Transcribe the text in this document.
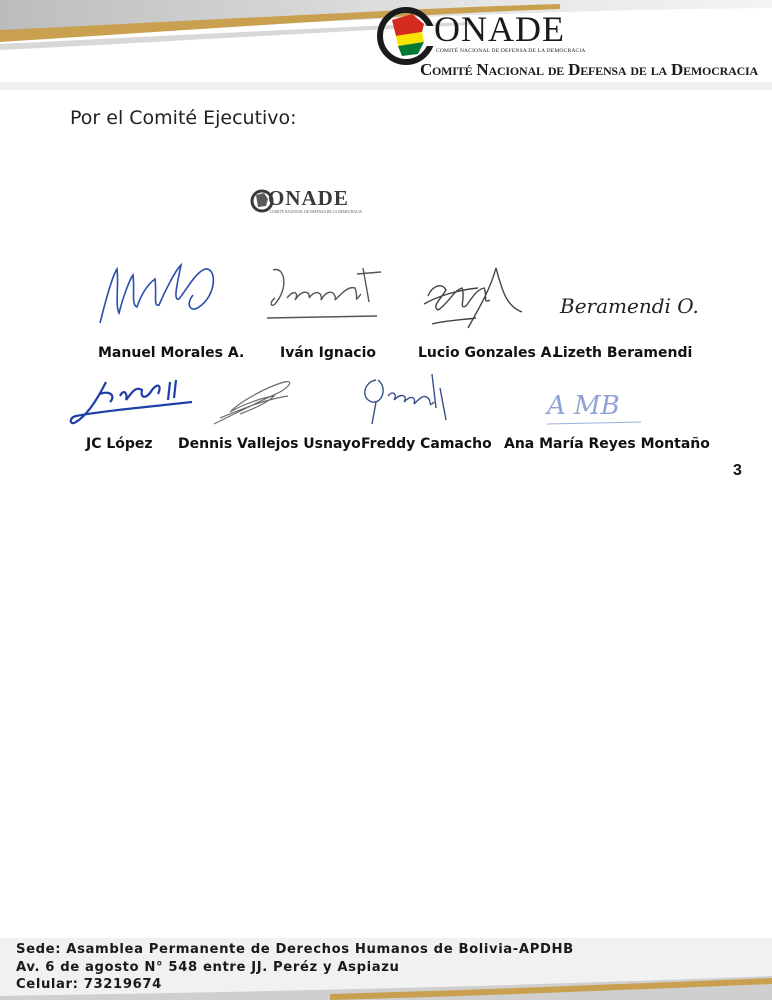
ONADE
COMITÉ NACIONAL DE DEFENSA DE LA DEMOCRACIA
Comité Nacional de Defensa de la Democracia
Por el Comité Ejecutivo:
ONADE
COMITÉ NACIONAL DE DEFENSA DE LA DEMOCRACIA
Beramendi O.
Manuel Morales A.	Iván Ignacio	Lucio Gonzales A.
Lizeth Beramendi
A MB
JC López Dennis Vallejos Usnayo Freddy Camacho Ana María Reyes Montaño
3
Sede: Asamblea Permanente de Derechos Humanos de Bolivia-APDHB
Av. 6 de agosto N° 548 entre JJ. Peréz y Aspiazu
Celular: 73219674
